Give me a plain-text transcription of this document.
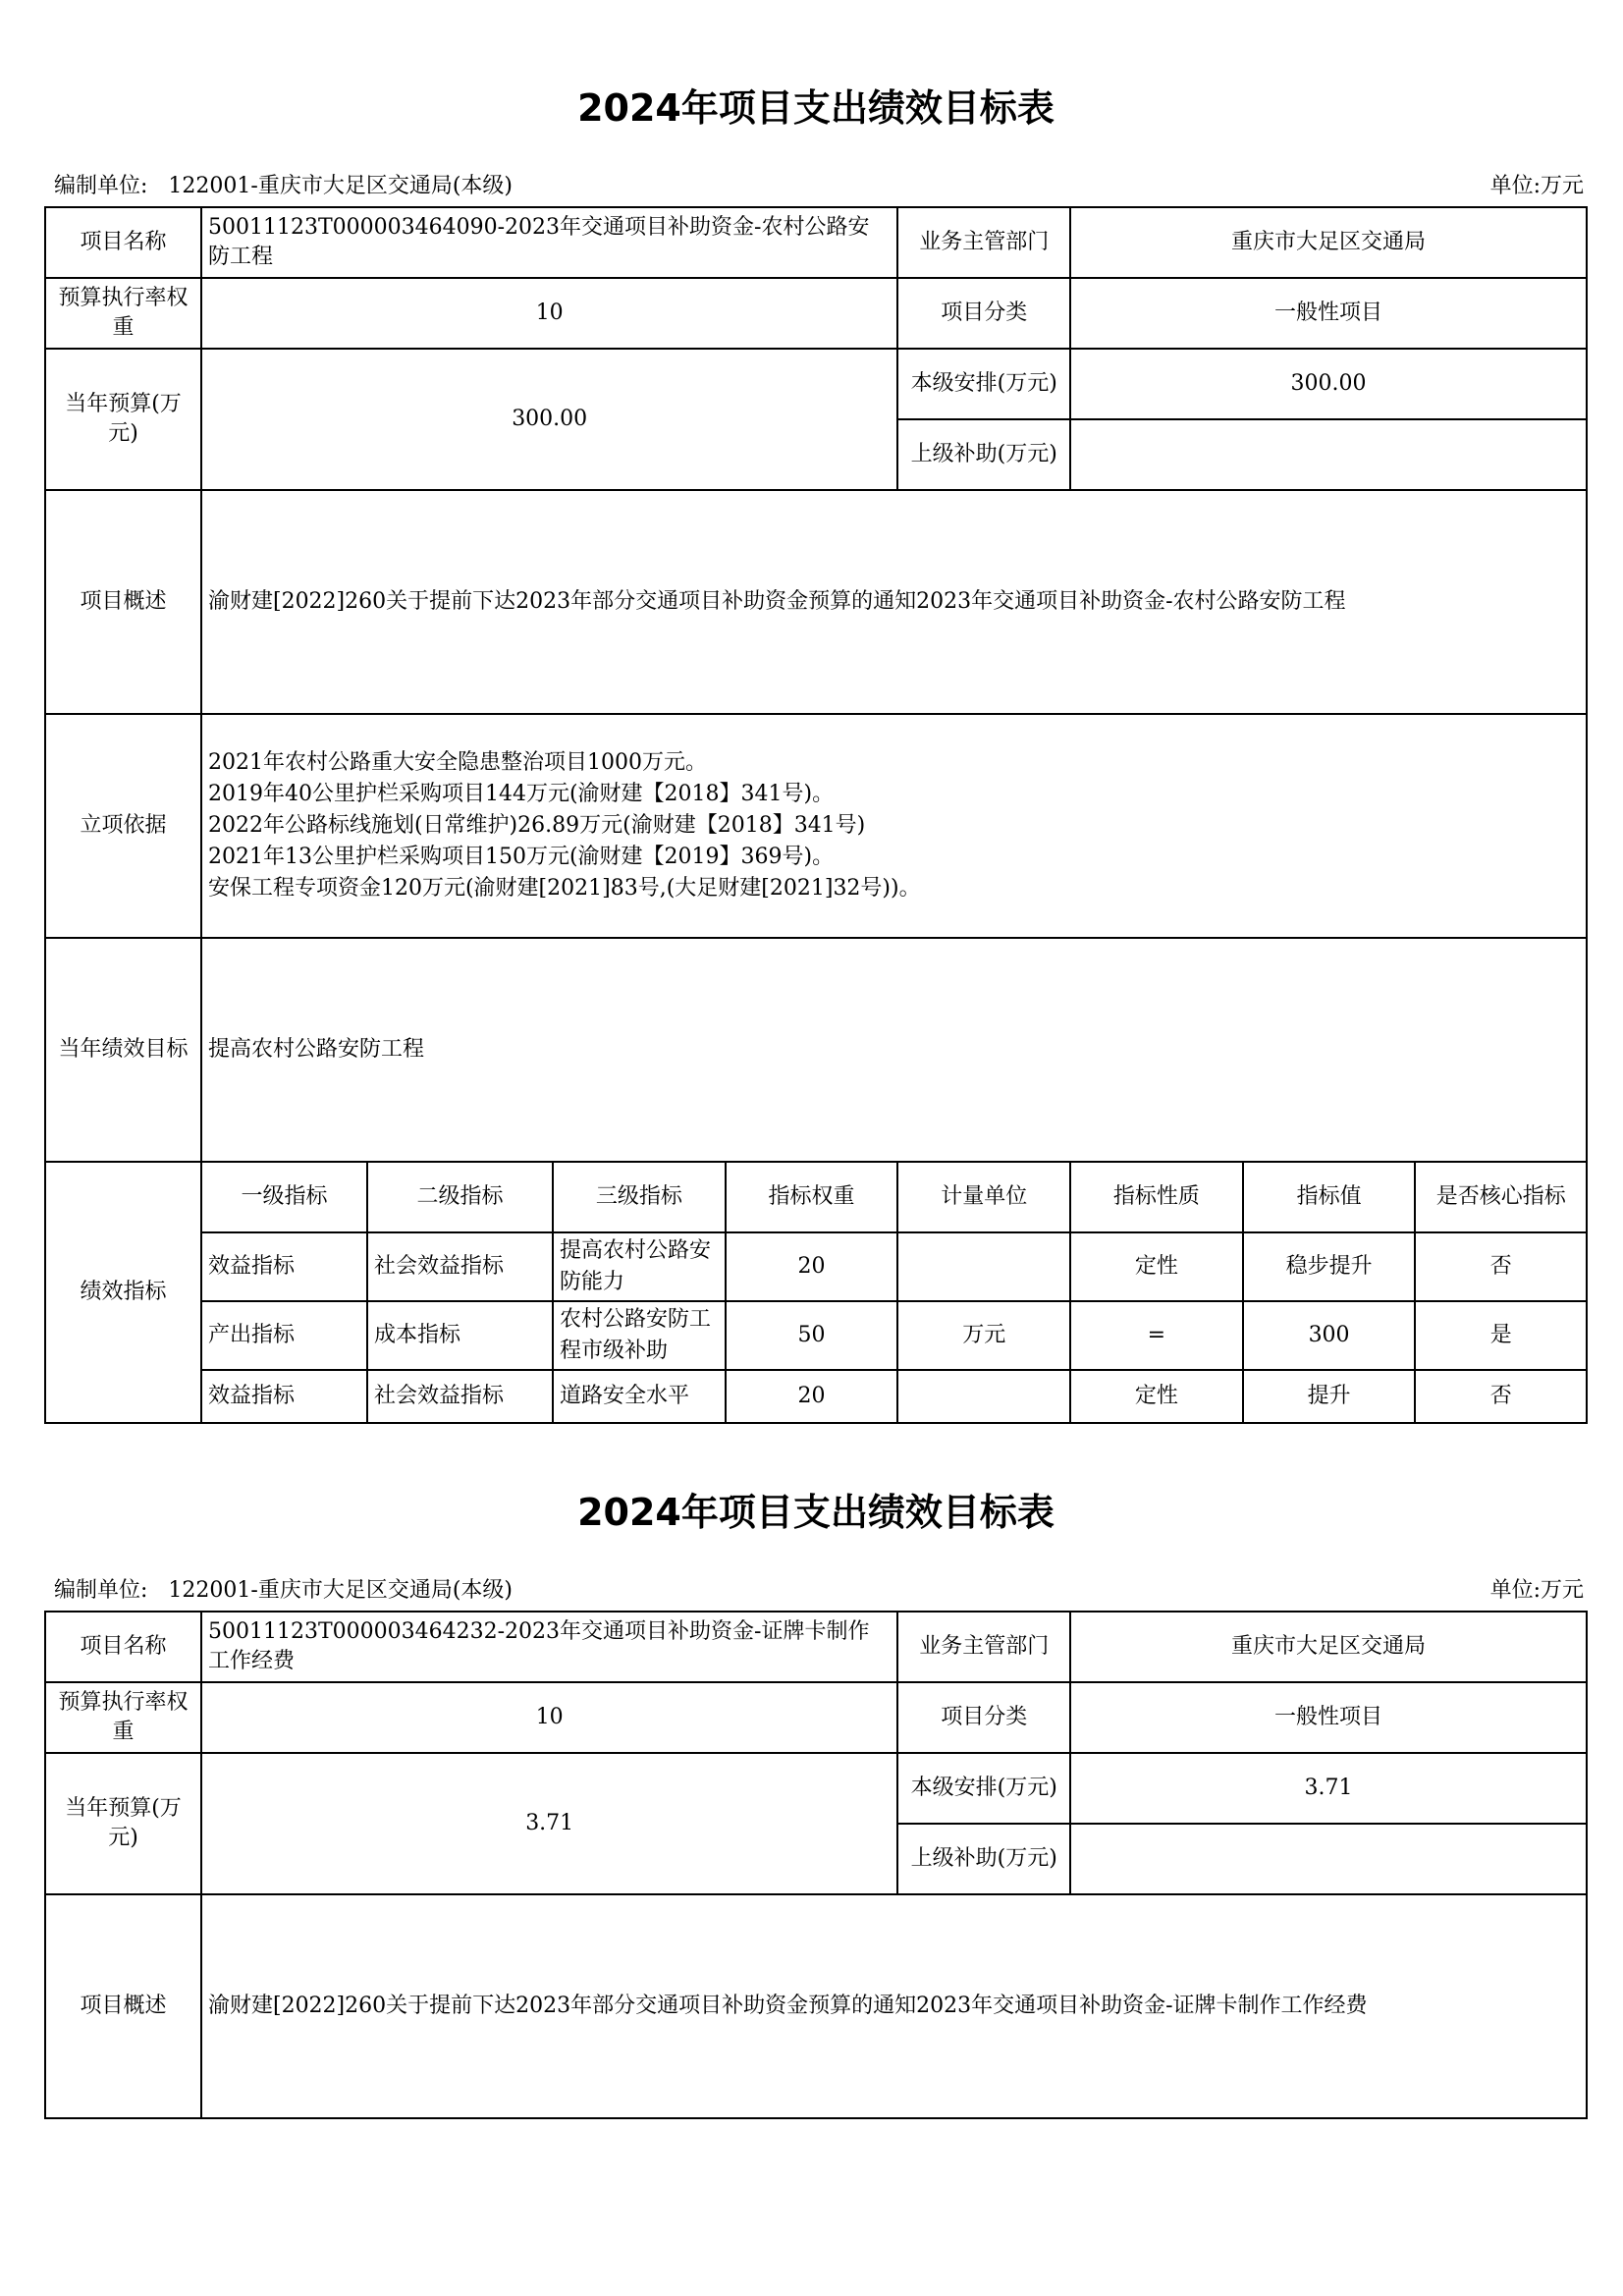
2024年项目支出绩效目标表
编制单位: 122001-重庆市大足区交通局(本级)	单位:万元
项目名称	50011123T000003464090-2023年交通项目补助资金-农村公路安防工程				业务主管部门	重庆市大足区交通局		
预算执行率权重	10				项目分类	一般性项目		
当年预算(万元)	300.00				本级安排(万元)	300.00		
					上级补助(万元)			
项目概述	渝财建[2022]260关于提前下达2023年部分交通项目补助资金预算的通知2023年交通项目补助资金-农村公路安防工程							
立项依据	2021年农村公路重大安全隐患整治项目1000万元。
2019年40公里护栏采购项目144万元(渝财建【2018】341号)。
2022年公路标线施划(日常维护)26.89万元(渝财建【2018】341号)
2021年13公里护栏采购项目150万元(渝财建【2019】369号)。
安保工程专项资金120万元(渝财建[2021]83号,(大足财建[2021]32号))。							
当年绩效目标	提高农村公路安防工程							
绩效指标	一级指标	二级指标	三级指标	指标权重	计量单位	指标性质	指标值	是否核心指标
	效益指标	社会效益指标	提高农村公路安防能力	20		定性	稳步提升	否
	产出指标	成本指标	农村公路安防工程市级补助	50	万元	=	300	是
	效益指标	社会效益指标	道路安全水平	20		定性	提升	否
2024年项目支出绩效目标表
编制单位: 122001-重庆市大足区交通局(本级)	单位:万元
项目名称	50011123T000003464232-2023年交通项目补助资金-证牌卡制作工作经费	业务主管部门	重庆市大足区交通局
预算执行率权重	10	项目分类	一般性项目
当年预算(万元)	3.71	本级安排(万元)	3.71
		上级补助(万元)	
项目概述	渝财建[2022]260关于提前下达2023年部分交通项目补助资金预算的通知2023年交通项目补助资金-证牌卡制作工作经费		
